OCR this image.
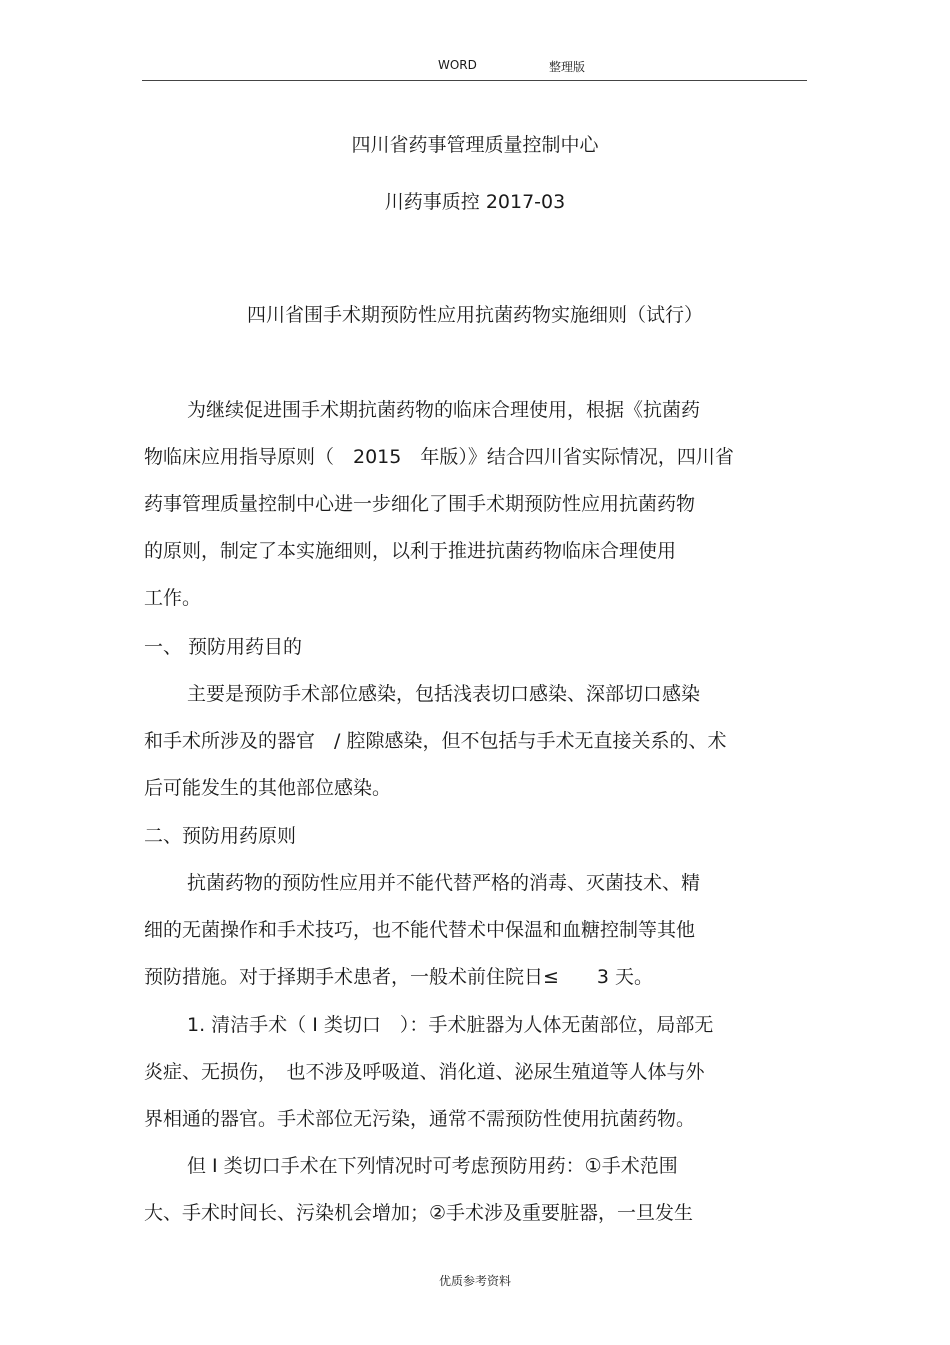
WORD	整理版
四川省药事管理质量控制中心
川药事质控 2017-03
四川省围手术期预防性应用抗菌药物实施细则（试行）
为继续促进围手术期抗菌药物的临床合理使用，根据《抗菌药
物临床应用指导原则（　2015　年版）》结合四川省实际情况，四川省
药事管理质量控制中心进一步细化了围手术期预防性应用抗菌药物
的原则，制定了本实施细则，以利于推进抗菌药物临床合理使用
工作。
一、 预防用药目的
主要是预防手术部位感染，包括浅表切口感染、深部切口感染
和手术所涉及的器官　/ 腔隙感染，但不包括与手术无直接关系的、术
后可能发生的其他部位感染。
二、预防用药原则
抗菌药物的预防性应用并不能代替严格的消毒、灭菌技术、精
细的无菌操作和手术技巧，也不能代替术中保温和血糖控制等其他
预防措施。对于择期手术患者，一般术前住院日≤　　3 天。
1. 清洁手术（ Ⅰ 类切口　）：手术脏器为人体无菌部位，局部无
炎症、无损伤，　也不涉及呼吸道、消化道、泌尿生殖道等人体与外
界相通的器官。手术部位无污染，通常不需预防性使用抗菌药物。
但 Ⅰ 类切口手术在下列情况时可考虑预防用药：①手术范围
大、手术时间长、污染机会增加；②手术涉及重要脏器，一旦发生
优质参考资料
